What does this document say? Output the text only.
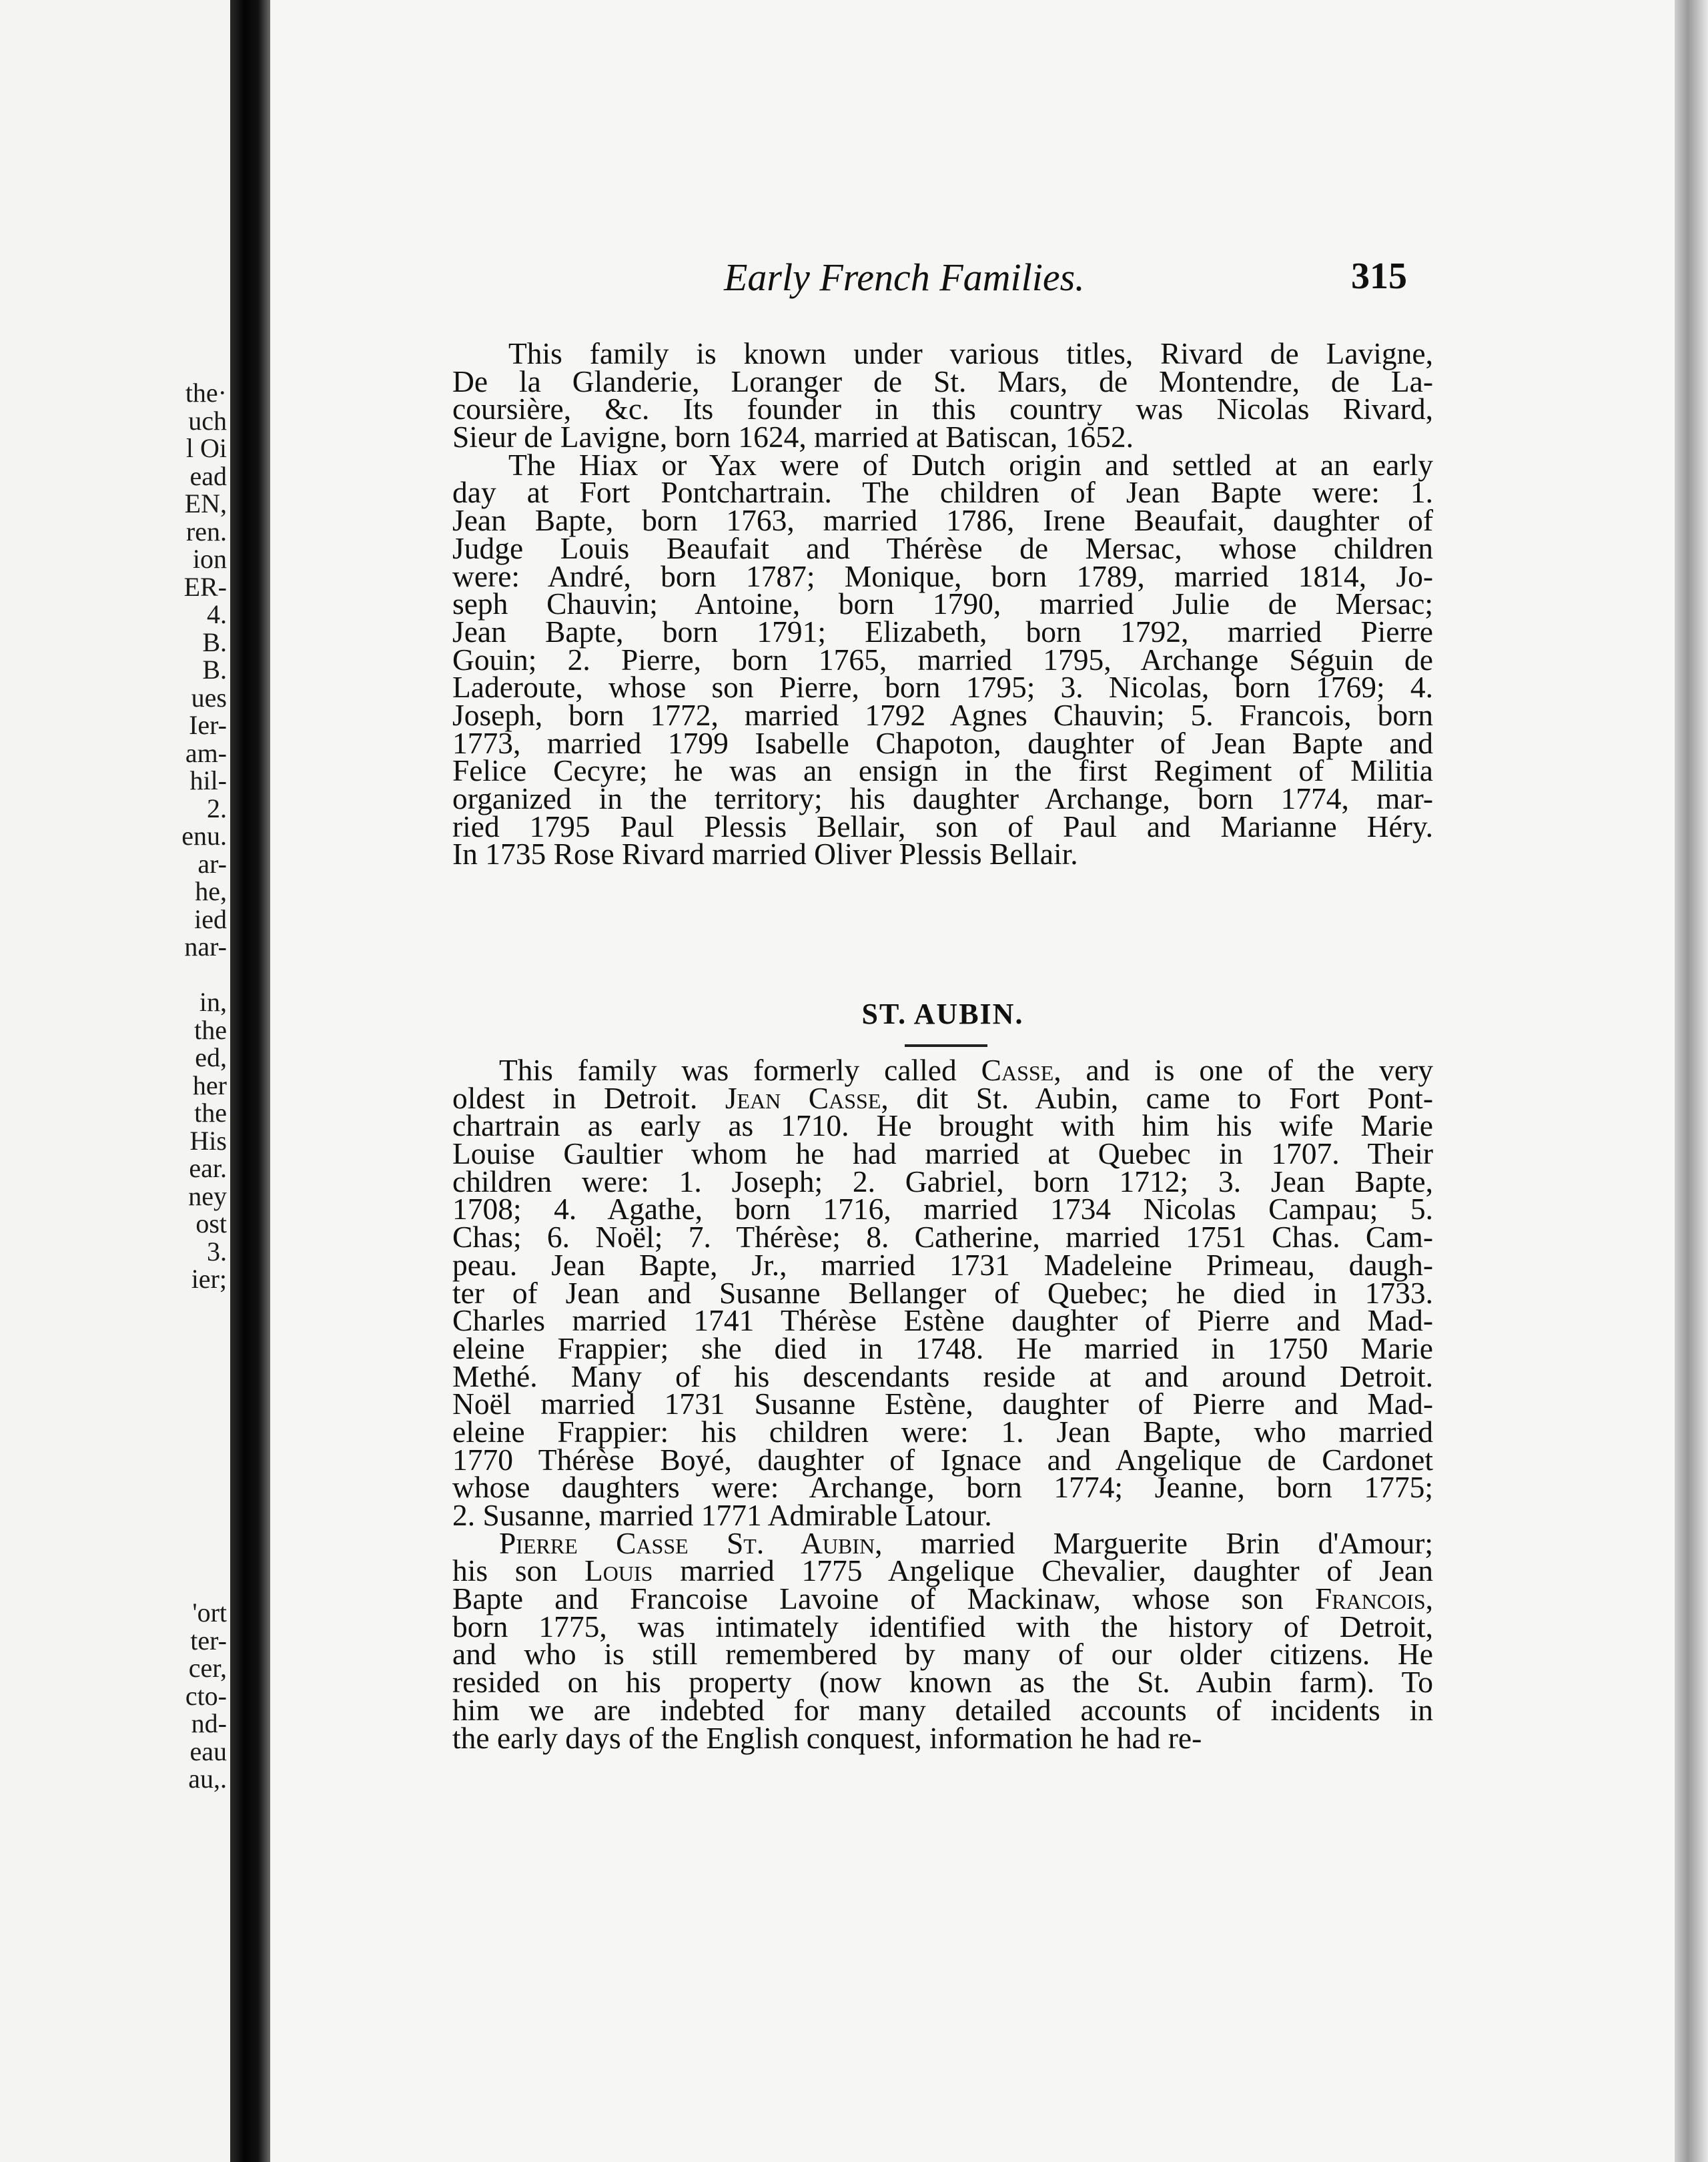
the·
uch
l Oi
ead
EN,
ren.
ion
ER-
4.
B.
B.
ues
Ier-
am-
hil-
2.
enu.
ar-
he,
ied
nar-
in,
the
ed,
her
the
His
ear.
ney
ost
3.
ier;
'ort
ter-
cer,
cto-
nd-
eau
au,.
Early French Families.	315
This family is known under various titles, Rivard de Lavigne,
De la Glanderie, Loranger de St. Mars, de Montendre, de La-
coursière, &c. Its founder in this country was Nicolas Rivard,
Sieur de Lavigne, born 1624, married at Batiscan, 1652.
The Hiax or Yax were of Dutch origin and settled at an early
day at Fort Pontchartrain. The children of Jean Bapte were: 1.
Jean Bapte, born 1763, married 1786, Irene Beaufait, daughter of
Judge Louis Beaufait and Thérèse de Mersac, whose children
were: André, born 1787; Monique, born 1789, married 1814, Jo-
seph Chauvin; Antoine, born 1790, married Julie de Mersac;
Jean Bapte, born 1791; Elizabeth, born 1792, married Pierre
Gouin; 2. Pierre, born 1765, married 1795, Archange Séguin de
Laderoute, whose son Pierre, born 1795; 3. Nicolas, born 1769; 4.
Joseph, born 1772, married 1792 Agnes Chauvin; 5. Francois, born
1773, married 1799 Isabelle Chapoton, daughter of Jean Bapte and
Felice Cecyre; he was an ensign in the first Regiment of Militia
organized in the territory; his daughter Archange, born 1774, mar-
ried 1795 Paul Plessis Bellair, son of Paul and Marianne Héry.
In 1735 Rose Rivard married Oliver Plessis Bellair.
ST. AUBIN.
This family was formerly called Casse, and is one of the very
oldest in Detroit. Jean Casse, dit St. Aubin, came to Fort Pont-
chartrain as early as 1710. He brought with him his wife Marie
Louise Gaultier whom he had married at Quebec in 1707. Their
children were: 1. Joseph; 2. Gabriel, born 1712; 3. Jean Bapte,
1708; 4. Agathe, born 1716, married 1734 Nicolas Campau; 5.
Chas; 6. Noël; 7. Thérèse; 8. Catherine, married 1751 Chas. Cam-
peau. Jean Bapte, Jr., married 1731 Madeleine Primeau, daugh-
ter of Jean and Susanne Bellanger of Quebec; he died in 1733.
Charles married 1741 Thérèse Estène daughter of Pierre and Mad-
eleine Frappier; she died in 1748. He married in 1750 Marie
Methé. Many of his descendants reside at and around Detroit.
Noël married 1731 Susanne Estène, daughter of Pierre and Mad-
eleine Frappier: his children were: 1. Jean Bapte, who married
1770 Thérèse Boyé, daughter of Ignace and Angelique de Cardonet
whose daughters were: Archange, born 1774; Jeanne, born 1775;
2. Susanne, married 1771 Admirable Latour.
Pierre Casse St. Aubin, married Marguerite Brin d'Amour;
his son Louis married 1775 Angelique Chevalier, daughter of Jean
Bapte and Francoise Lavoine of Mackinaw, whose son Francois,
born 1775, was intimately identified with the history of Detroit,
and who is still remembered by many of our older citizens. He
resided on his property (now known as the St. Aubin farm). To
him we are indebted for many detailed accounts of incidents in
the early days of the English conquest, information he had re-
